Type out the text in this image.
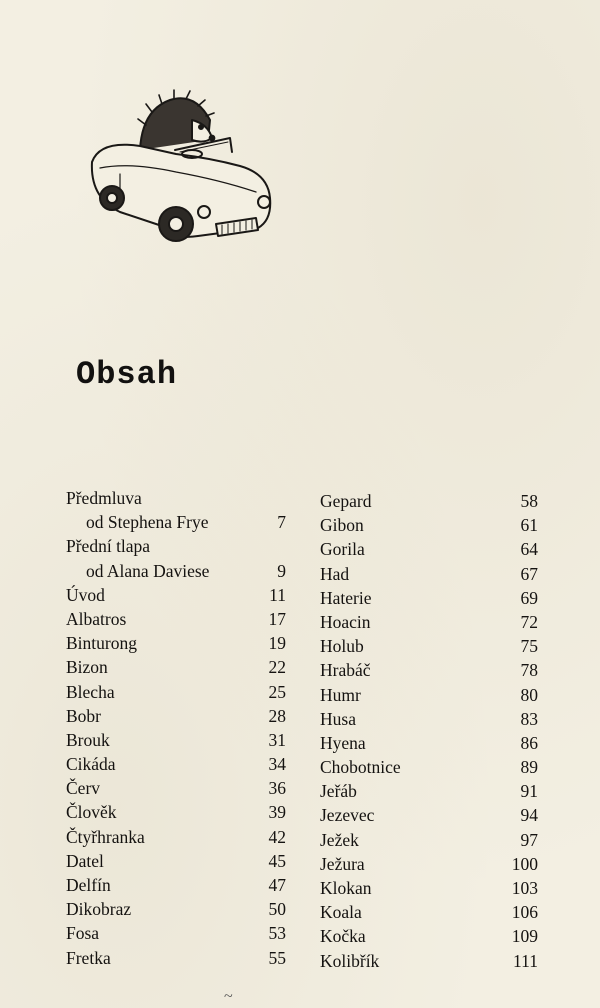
Obsah
Předmluva
od Stephena Frye	7
Přední tlapa
od Alana Daviese	9
Úvod	11
Albatros	17
Binturong	19
Bizon	22
Blecha	25
Bobr	28
Brouk	31
Cikáda	34
Červ	36
Člověk	39
Čtyřhranka	42
Datel	45
Delfín	47
Dikobraz	50
Fosa	53
Fretka	55
Gepard	58
Gibon	61
Gorila	64
Had	67
Haterie	69
Hoacin	72
Holub	75
Hrabáč	78
Humr	80
Husa	83
Hyena	86
Chobotnice	89
Jeřáb	91
Jezevec	94
Ježek	97
Ježura	100
Klokan	103
Koala	106
Kočka	109
Kolibřík	111
~
